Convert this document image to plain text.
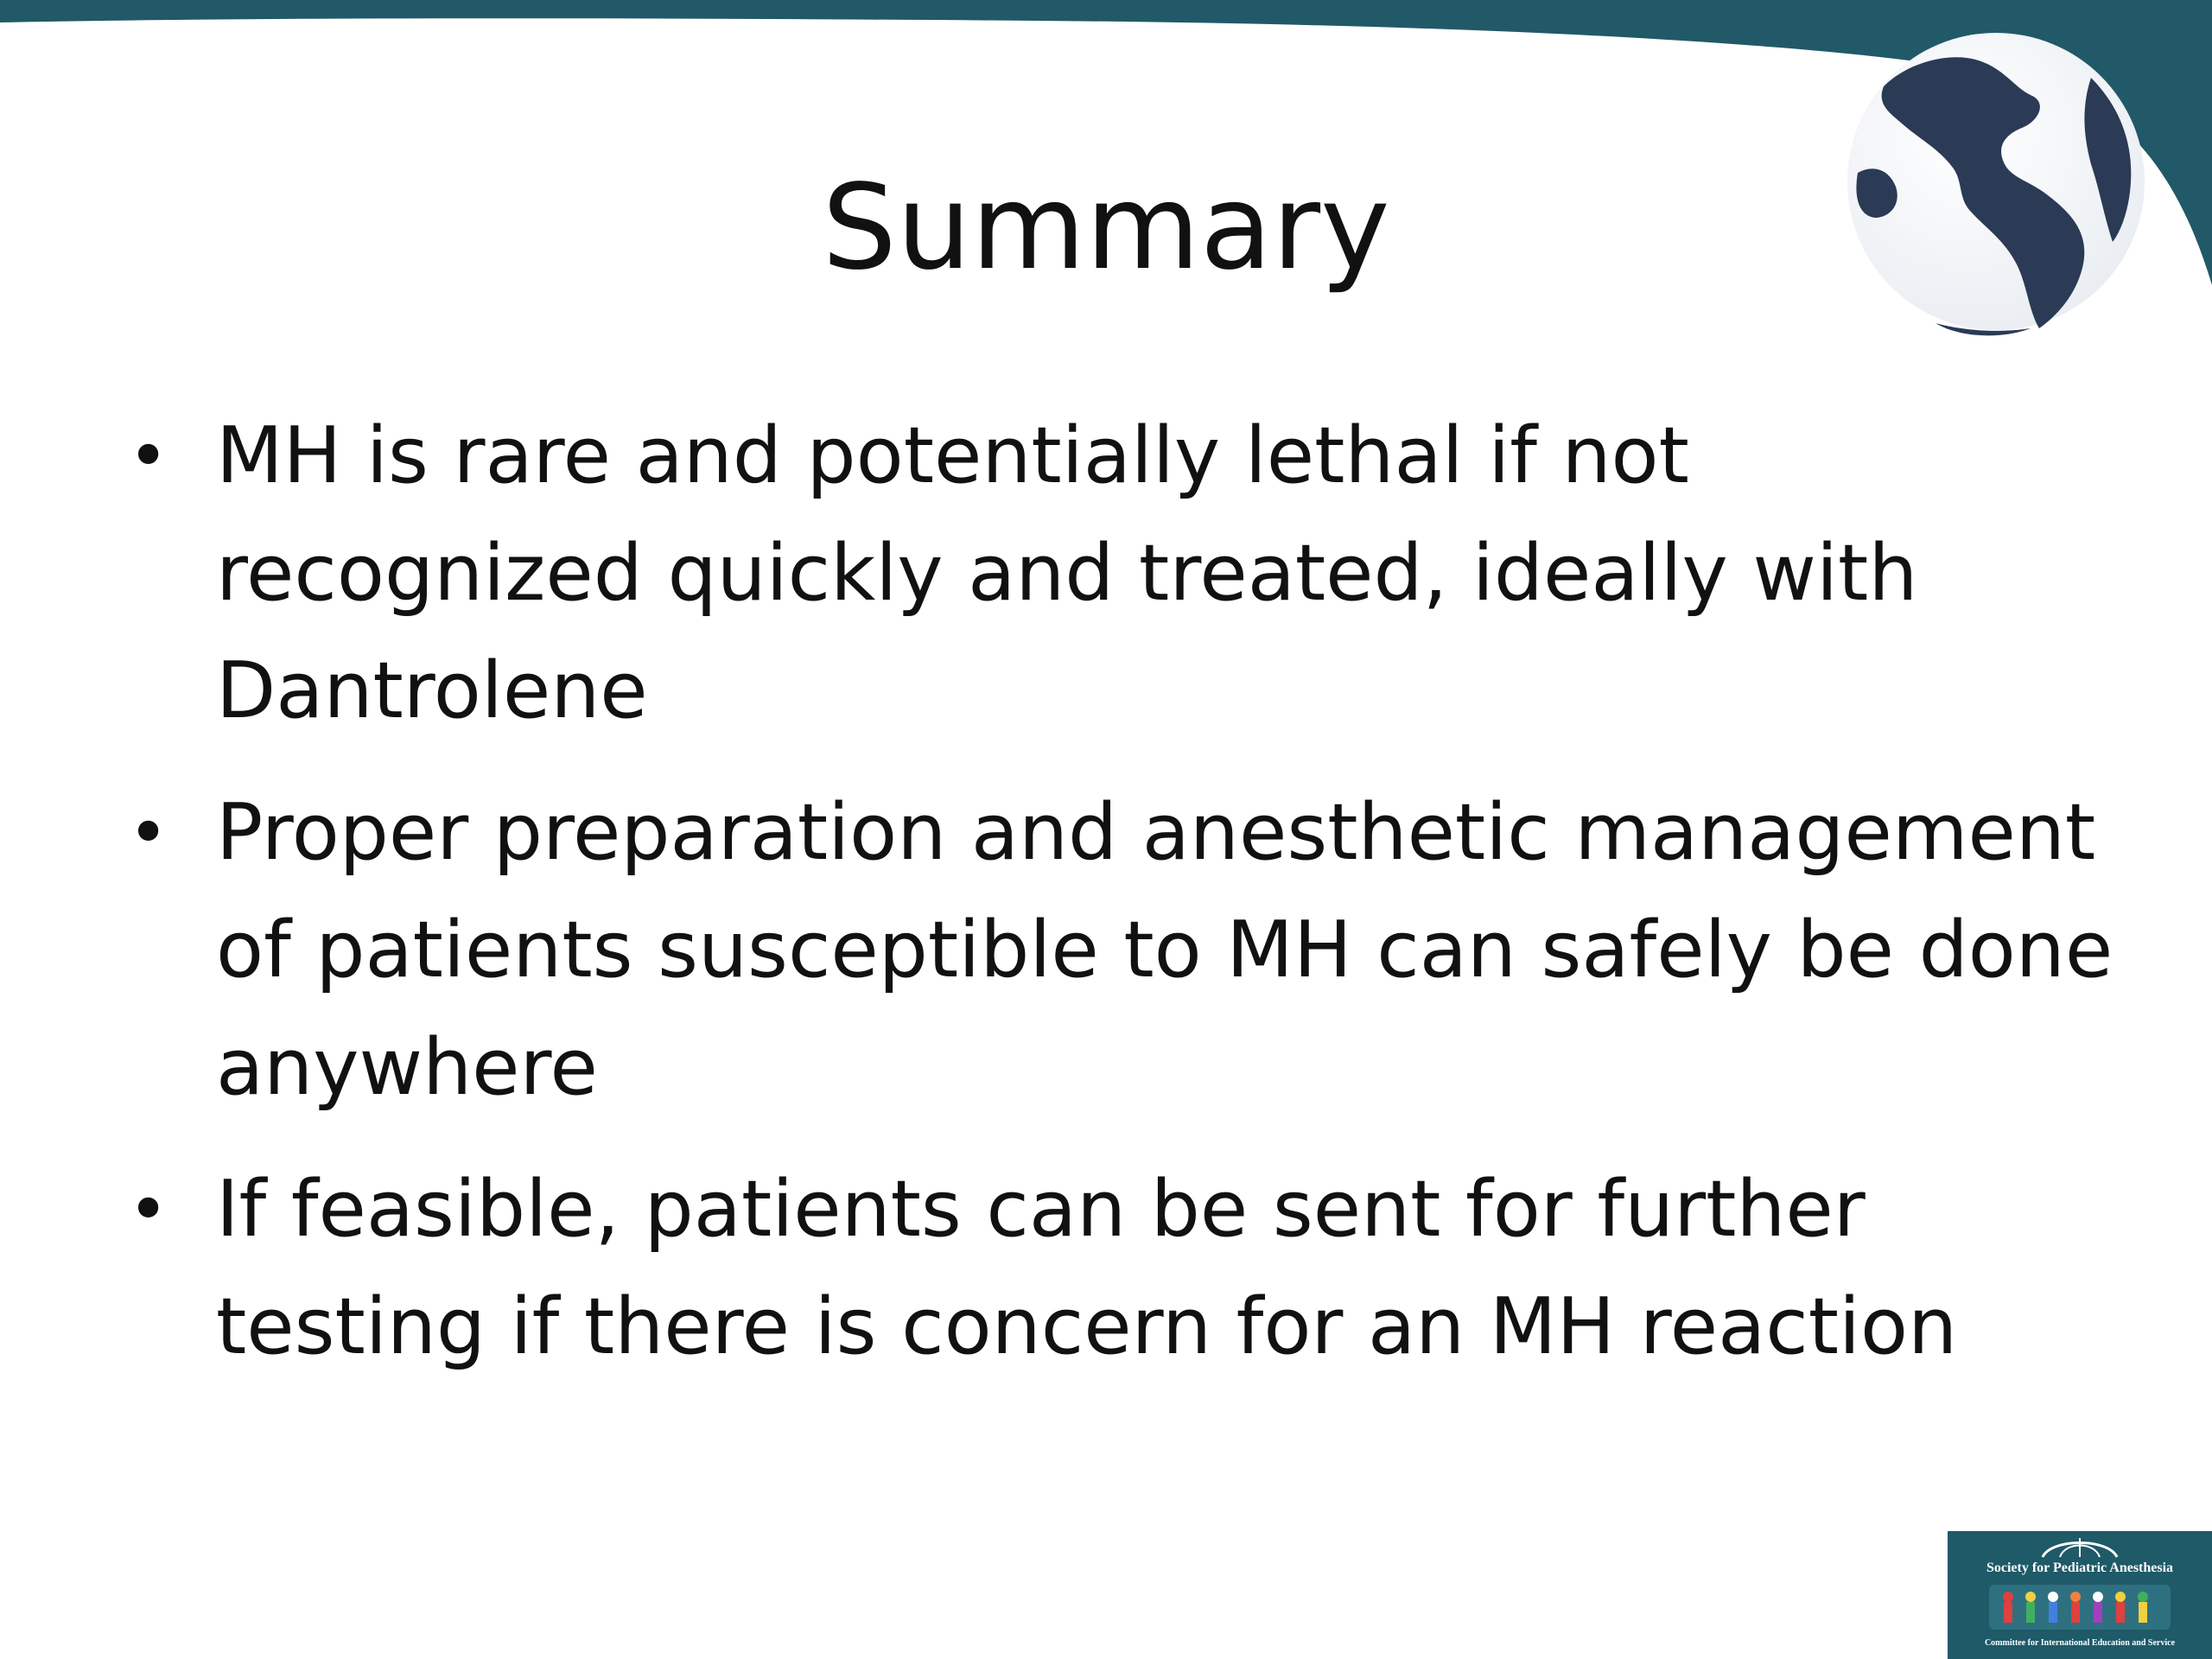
Summary
• MH is rare and potentially lethal if not recognized quickly and treated, ideally with Dantrolene
• Proper preparation and anesthetic management of patients susceptible to MH can safely be done anywhere
• If feasible, patients can be sent for further testing if there is concern for an MH reaction
Society for Pediatric Anesthesia
Committee for International Education and Service
